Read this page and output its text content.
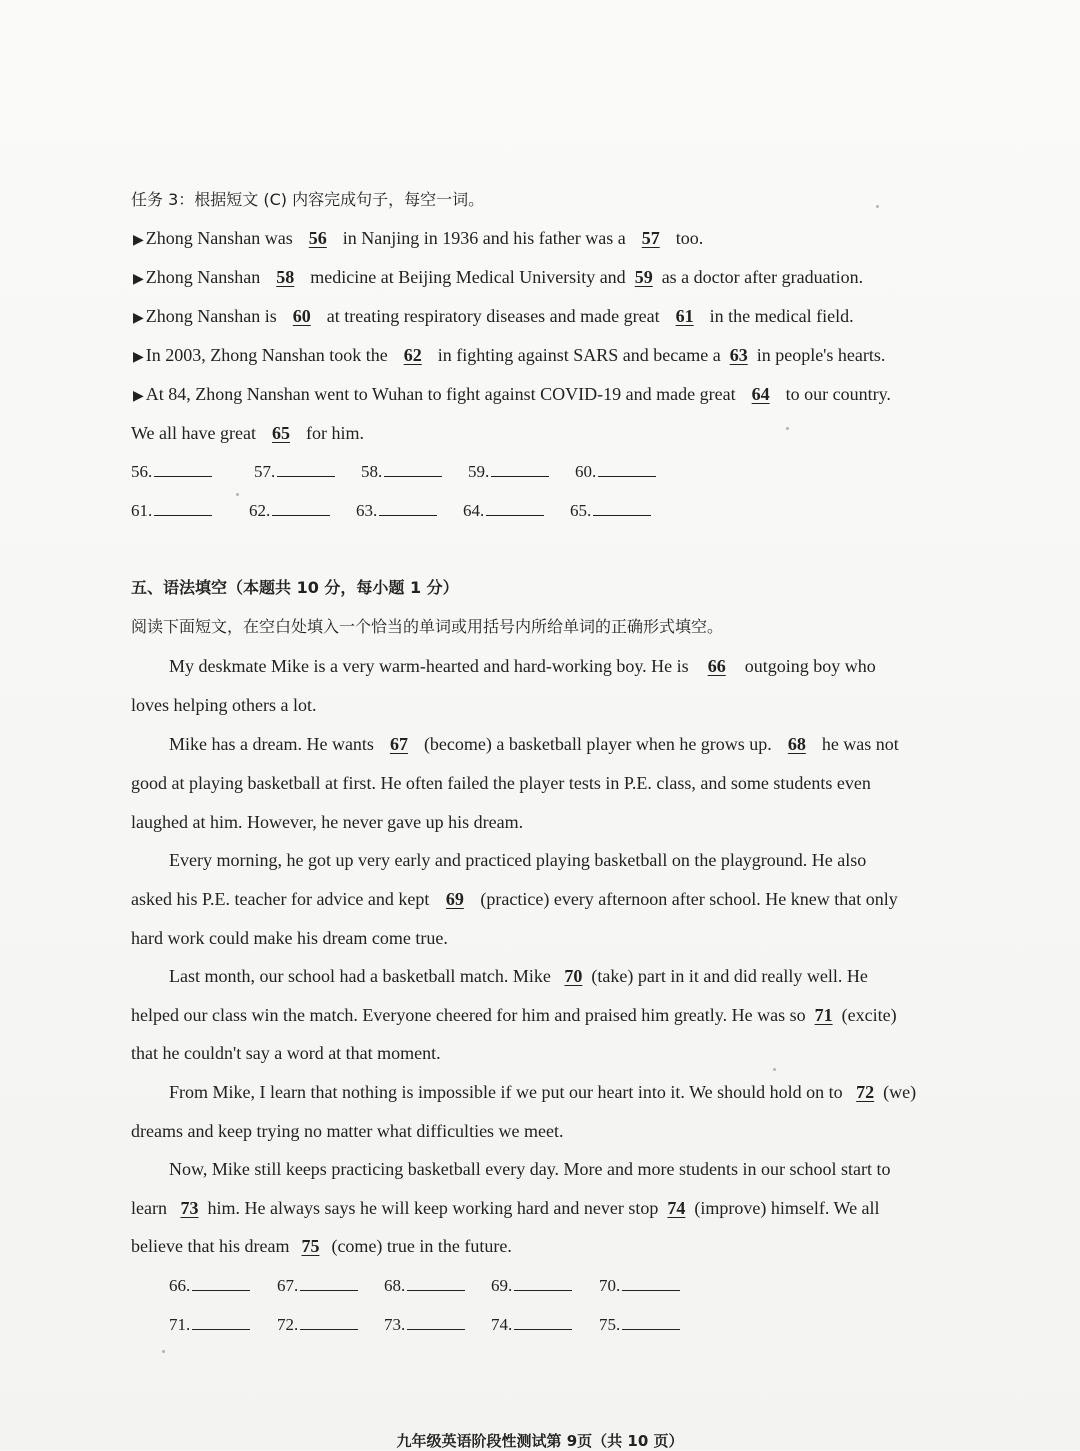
任务 3：根据短文 (C) 内容完成句子，每空一词。
▶ Zhong Nanshan was 56 in Nanjing in 1936 and his father was a 57 too.
▶ Zhong Nanshan 58 medicine at Beijing Medical University and 59 as a doctor after graduation.
▶ Zhong Nanshan is 60 at treating respiratory diseases and made great 61 in the medical field.
▶ In 2003, Zhong Nanshan took the 62 in fighting against SARS and became a 63 in people's hearts.
▶ At 84, Zhong Nanshan went to Wuhan to fight against COVID-19 and made great 64 to our country.
We all have great 65 for him.
56.	57.	58.	59.	60.
61.	62.	63.	64.	65.
五、语法填空（本题共 10 分，每小题 1 分）
阅读下面短文，在空白处填入一个恰当的单词或用括号内所给单词的正确形式填空。
My deskmate Mike is a very warm-hearted and hard-working boy. He is 66 outgoing boy who
loves helping others a lot.
Mike has a dream. He wants 67 (become) a basketball player when he grows up. 68 he was not
good at playing basketball at first. He often failed the player tests in P.E. class, and some students even
laughed at him. However, he never gave up his dream.
Every morning, he got up very early and practiced playing basketball on the playground. He also
asked his P.E. teacher for advice and kept 69 (practice) every afternoon after school. He knew that only
hard work could make his dream come true.
Last month, our school had a basketball match. Mike 70 (take) part in it and did really well. He
helped our class win the match. Everyone cheered for him and praised him greatly. He was so 71 (excite)
that he couldn't say a word at that moment.
From Mike, I learn that nothing is impossible if we put our heart into it. We should hold on to 72 (we)
dreams and keep trying no matter what difficulties we meet.
Now, Mike still keeps practicing basketball every day. More and more students in our school start to
learn 73 him. He always says he will keep working hard and never stop 74 (improve) himself. We all
believe that his dream 75 (come) true in the future.
66.	67.	68.	69.	70.
71.	72.	73.	74.	75.
九年级英语阶段性测试第 9页（共 10 页）
